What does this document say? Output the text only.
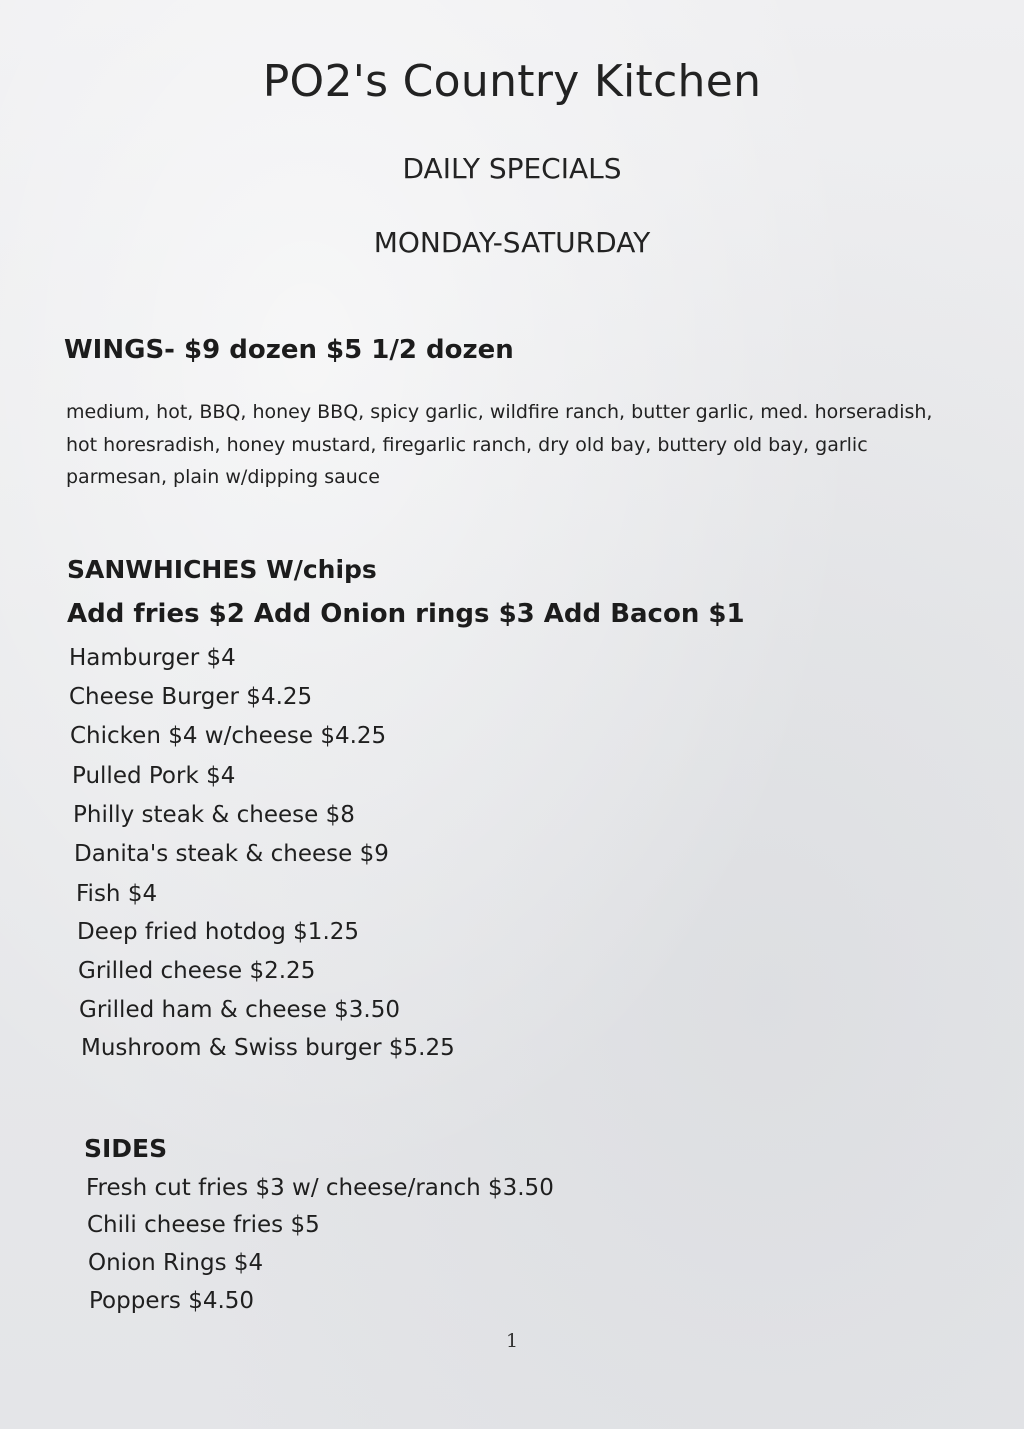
PO2's Country Kitchen
DAILY SPECIALS
MONDAY-SATURDAY
WINGS- $9 dozen $5 1/2 dozen
medium, hot, BBQ, honey BBQ, spicy garlic, wildfire ranch, butter garlic, med. horseradish, hot horesradish, honey mustard, firegarlic ranch, dry old bay, buttery old bay, garlic parmesan, plain w/dipping sauce
SANWHICHES W/chips
Add fries $2 Add Onion rings $3 Add Bacon $1
Hamburger $4
Cheese Burger $4.25
Chicken $4 w/cheese $4.25
Pulled Pork $4
Philly steak & cheese $8
Danita's steak & cheese $9
Fish $4
Deep fried hotdog $1.25
Grilled cheese $2.25
Grilled ham & cheese $3.50
Mushroom & Swiss burger $5.25
SIDES
Fresh cut fries $3 w/ cheese/ranch $3.50
Chili cheese fries $5
Onion Rings $4
Poppers $4.50
1
